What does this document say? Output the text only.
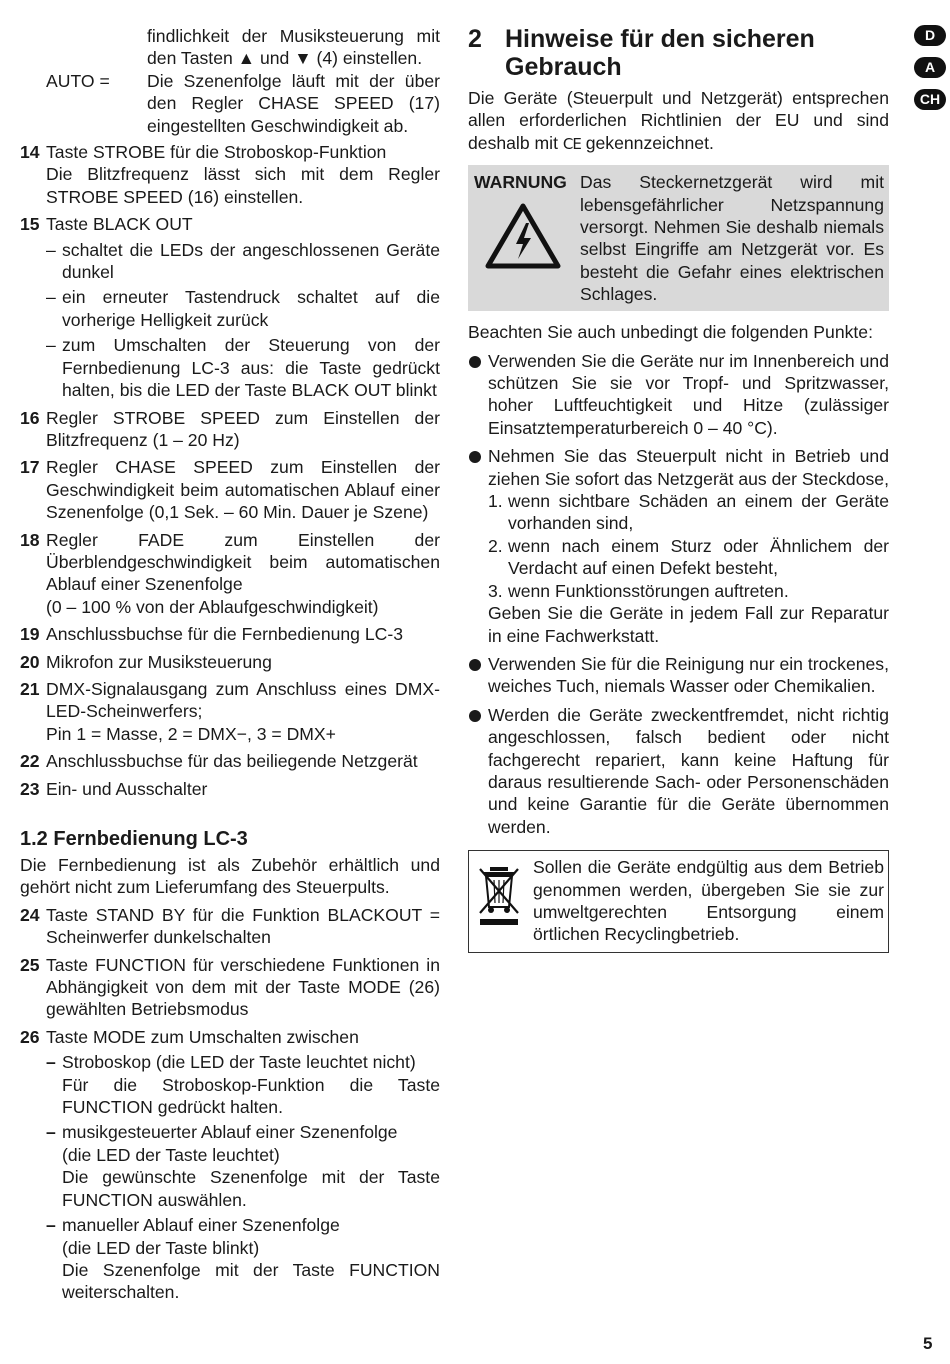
findlichkeit der Musiksteuerung mit den Tasten ▲ und ▼ (4) einstellen.

AUTO = Die Szenenfolge läuft mit der über den Regler CHASE SPEED (17) eingestellten Geschwindigkeit ab.

14 Taste STROBE für die Stroboskop-Funktion

Die Blitzfrequenz lässt sich mit dem Regler STROBE SPEED (16) einstellen.

15 Taste BLACK OUT

– schaltet die LEDs der angeschlossenen Geräte dunkel

– ein erneuter Tastendruck schaltet auf die vorherige Helligkeit zurück

– zum Umschalten der Steuerung von der Fernbedienung LC-3 aus: die Taste gedrückt halten, bis die LED der Taste BLACK OUT blinkt

16 Regler STROBE SPEED zum Einstellen der Blitzfrequenz (1 – 20 Hz)

17 Regler CHASE SPEED zum Einstellen der Geschwindigkeit beim automatischen Ablauf einer Szenenfolge (0,1 Sek. – 60 Min. Dauer je Szene)

18 Regler FADE zum Einstellen der Überblendgeschwindigkeit beim automatischen Ablauf einer Szenenfolge

(0 – 100 % von der Ablaufgeschwindigkeit)

19 Anschlussbuchse für die Fernbedienung LC-3

20 Mikrofon zur Musiksteuerung

21 DMX-Signalausgang zum Anschluss eines DMX-LED-Scheinwerfers;

Pin 1 = Masse, 2 = DMX−, 3 = DMX+

22 Anschlussbuchse für das beiliegende Netzgerät

23 Ein- und Ausschalter

1.2 Fernbedienung LC-3

Die Fernbedienung ist als Zubehör erhältlich und gehört nicht zum Lieferumfang des Steuerpults.

24 Taste STAND BY für die Funktion BLACKOUT = Scheinwerfer dunkelschalten

25 Taste FUNCTION für verschiedene Funktionen in Abhängigkeit von dem mit der Taste MODE (26) gewählten Betriebsmodus

26 Taste MODE zum Umschalten zwischen

– Stroboskop (die LED der Taste leuchtet nicht)

Für die Stroboskop-Funktion die Taste FUNCTION gedrückt halten.

– musikgesteuerter Ablauf einer Szenenfolge

(die LED der Taste leuchtet)

Die gewünschte Szenenfolge mit der Taste FUNCTION auswählen.

– manueller Ablauf einer Szenenfolge

(die LED der Taste blinkt)

Die Szenenfolge mit der Taste FUNCTION weiterschalten.

2 Hinweise für den sicheren Gebrauch

Die Geräte (Steuerpult und Netzgerät) entsprechen allen erforderlichen Richtlinien der EU und sind deshalb mit CE gekennzeichnet.

WARNUNG Das Steckernetzgerät wird mit lebensgefährlicher Netzspannung versorgt. Nehmen Sie deshalb niemals selbst Eingriffe am Netzgerät vor. Es besteht die Gefahr eines elektrischen Schlages.

Beachten Sie auch unbedingt die folgenden Punkte:

Verwenden Sie die Geräte nur im Innenbereich und schützen Sie sie vor Tropf- und Spritzwasser, hoher Luftfeuchtigkeit und Hitze (zulässiger Einsatztemperaturbereich 0 – 40 °C).

Nehmen Sie das Steuerpult nicht in Betrieb und ziehen Sie sofort das Netzgerät aus der Steckdose,

1. wenn sichtbare Schäden an einem der Geräte vorhanden sind,

2. wenn nach einem Sturz oder Ähnlichem der Verdacht auf einen Defekt besteht,

3. wenn Funktionsstörungen auftreten.

Geben Sie die Geräte in jedem Fall zur Reparatur in eine Fachwerkstatt.

Verwenden Sie für die Reinigung nur ein trockenes, weiches Tuch, niemals Wasser oder Chemikalien.

Werden die Geräte zweckentfremdet, nicht richtig angeschlossen, falsch bedient oder nicht fachgerecht repariert, kann keine Haftung für daraus resultierende Sach- oder Personenschäden und keine Garantie für die Geräte übernommen werden.

Sollen die Geräte endgültig aus dem Betrieb genommen werden, übergeben Sie sie zur umweltgerechten Entsorgung einem örtlichen Recyclingbetrieb.

D
A
CH
5
